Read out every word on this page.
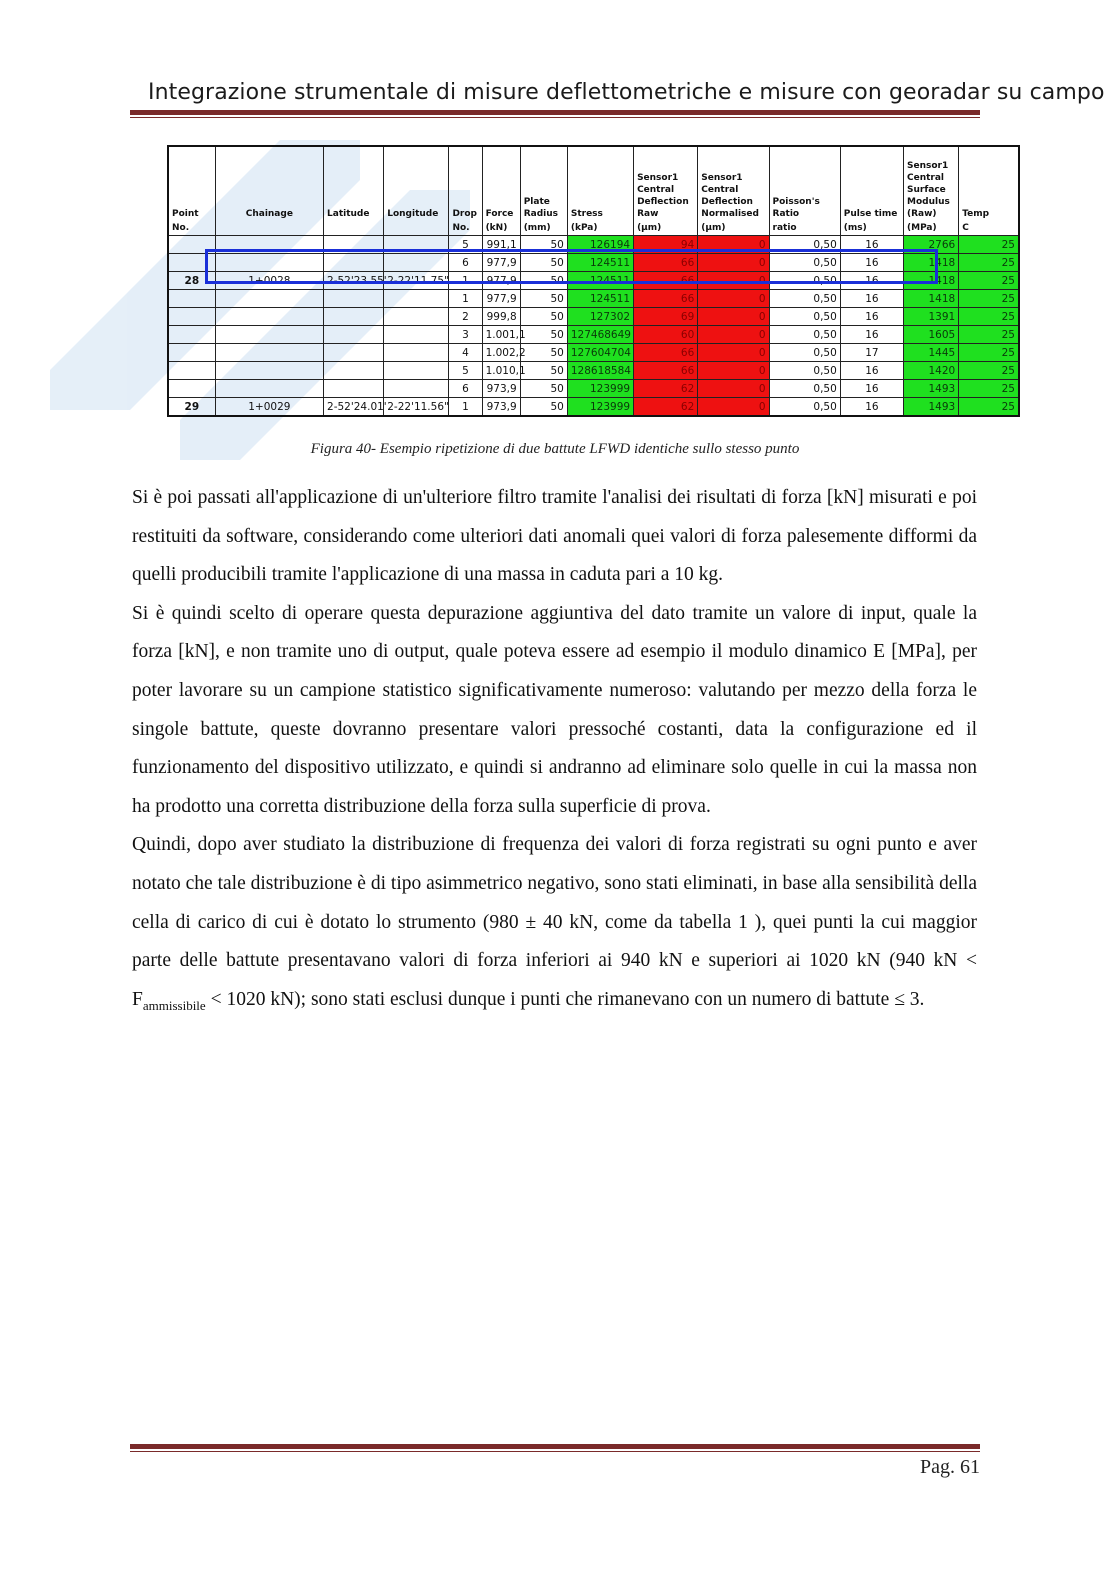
Integrazione strumentale di misure deflettometriche e misure con georadar su campo
Point	Chainage	Latitude	Longitude	Drop	Force	Plate Radius	Stress	Sensor1 Central Deflection Raw	Sensor1 Central Deflection Normalised	Poisson's Ratio	Pulse time	Sensor1 Central Surface Modulus (Raw)	Temp
No.				No.	(kN)	(mm)	(kPa)	(µm)	(µm)	ratio	(ms)	(MPa)	C
				5	991,1	50	126194	94	0	0,50	16	2766	25
				6	977,9	50	124511	66	0	0,50	16	1418	25
28	1+0028	2-52'23.55'	2-22'11.75"	1	977,9	50	124511	66	0	0,50	16	1418	25
				1	977,9	50	124511	66	0	0,50	16	1418	25
				2	999,8	50	127302	69	0	0,50	16	1391	25
				3	1.001,1	50	127468649	60	0	0,50	16	1605	25
				4	1.002,2	50	127604704	66	0	0,50	17	1445	25
				5	1.010,1	50	128618584	66	0	0,50	16	1420	25
				6	973,9	50	123999	62	0	0,50	16	1493	25
29	1+0029	2-52'24.01'	2-22'11.56"	1	973,9	50	123999	62	0	0,50	16	1493	25
Figura 40- Esempio ripetizione di due battute LFWD identiche sullo stesso punto

Si è poi passati all'applicazione di un'ulteriore filtro tramite l'analisi dei risultati di forza [kN] misurati e poi restituiti da software, considerando come ulteriori dati anomali quei valori di forza palesemente difformi da quelli producibili tramite l'applicazione di una massa in caduta pari a 10 kg.

Si è quindi scelto di operare questa depurazione aggiuntiva del dato tramite un valore di input, quale la forza [kN], e non tramite uno di output, quale poteva essere ad esempio il modulo dinamico E [MPa], per poter lavorare su un campione statistico significativamente numeroso: valutando per mezzo della forza le singole battute, queste dovranno presentare valori pressoché costanti, data la configurazione ed il funzionamento del dispositivo utilizzato, e quindi si andranno ad eliminare solo quelle in cui la massa non ha prodotto una corretta distribuzione della forza sulla superficie di prova.

Quindi, dopo aver studiato la distribuzione di frequenza dei valori di forza registrati su ogni punto e aver notato che tale distribuzione è di tipo asimmetrico negativo, sono stati eliminati, in base alla sensibilità della cella di carico di cui è dotato lo strumento (980 ± 40 kN, come da tabella 1 ), quei punti la cui maggior parte delle battute presentavano valori di forza inferiori ai 940 kN e superiori ai 1020 kN (940 kN < $F_{ammissibile} < 1020$ kN); sono stati esclusi dunque i punti che rimanevano con un numero di battute ≤ 3.

Pag. 61
